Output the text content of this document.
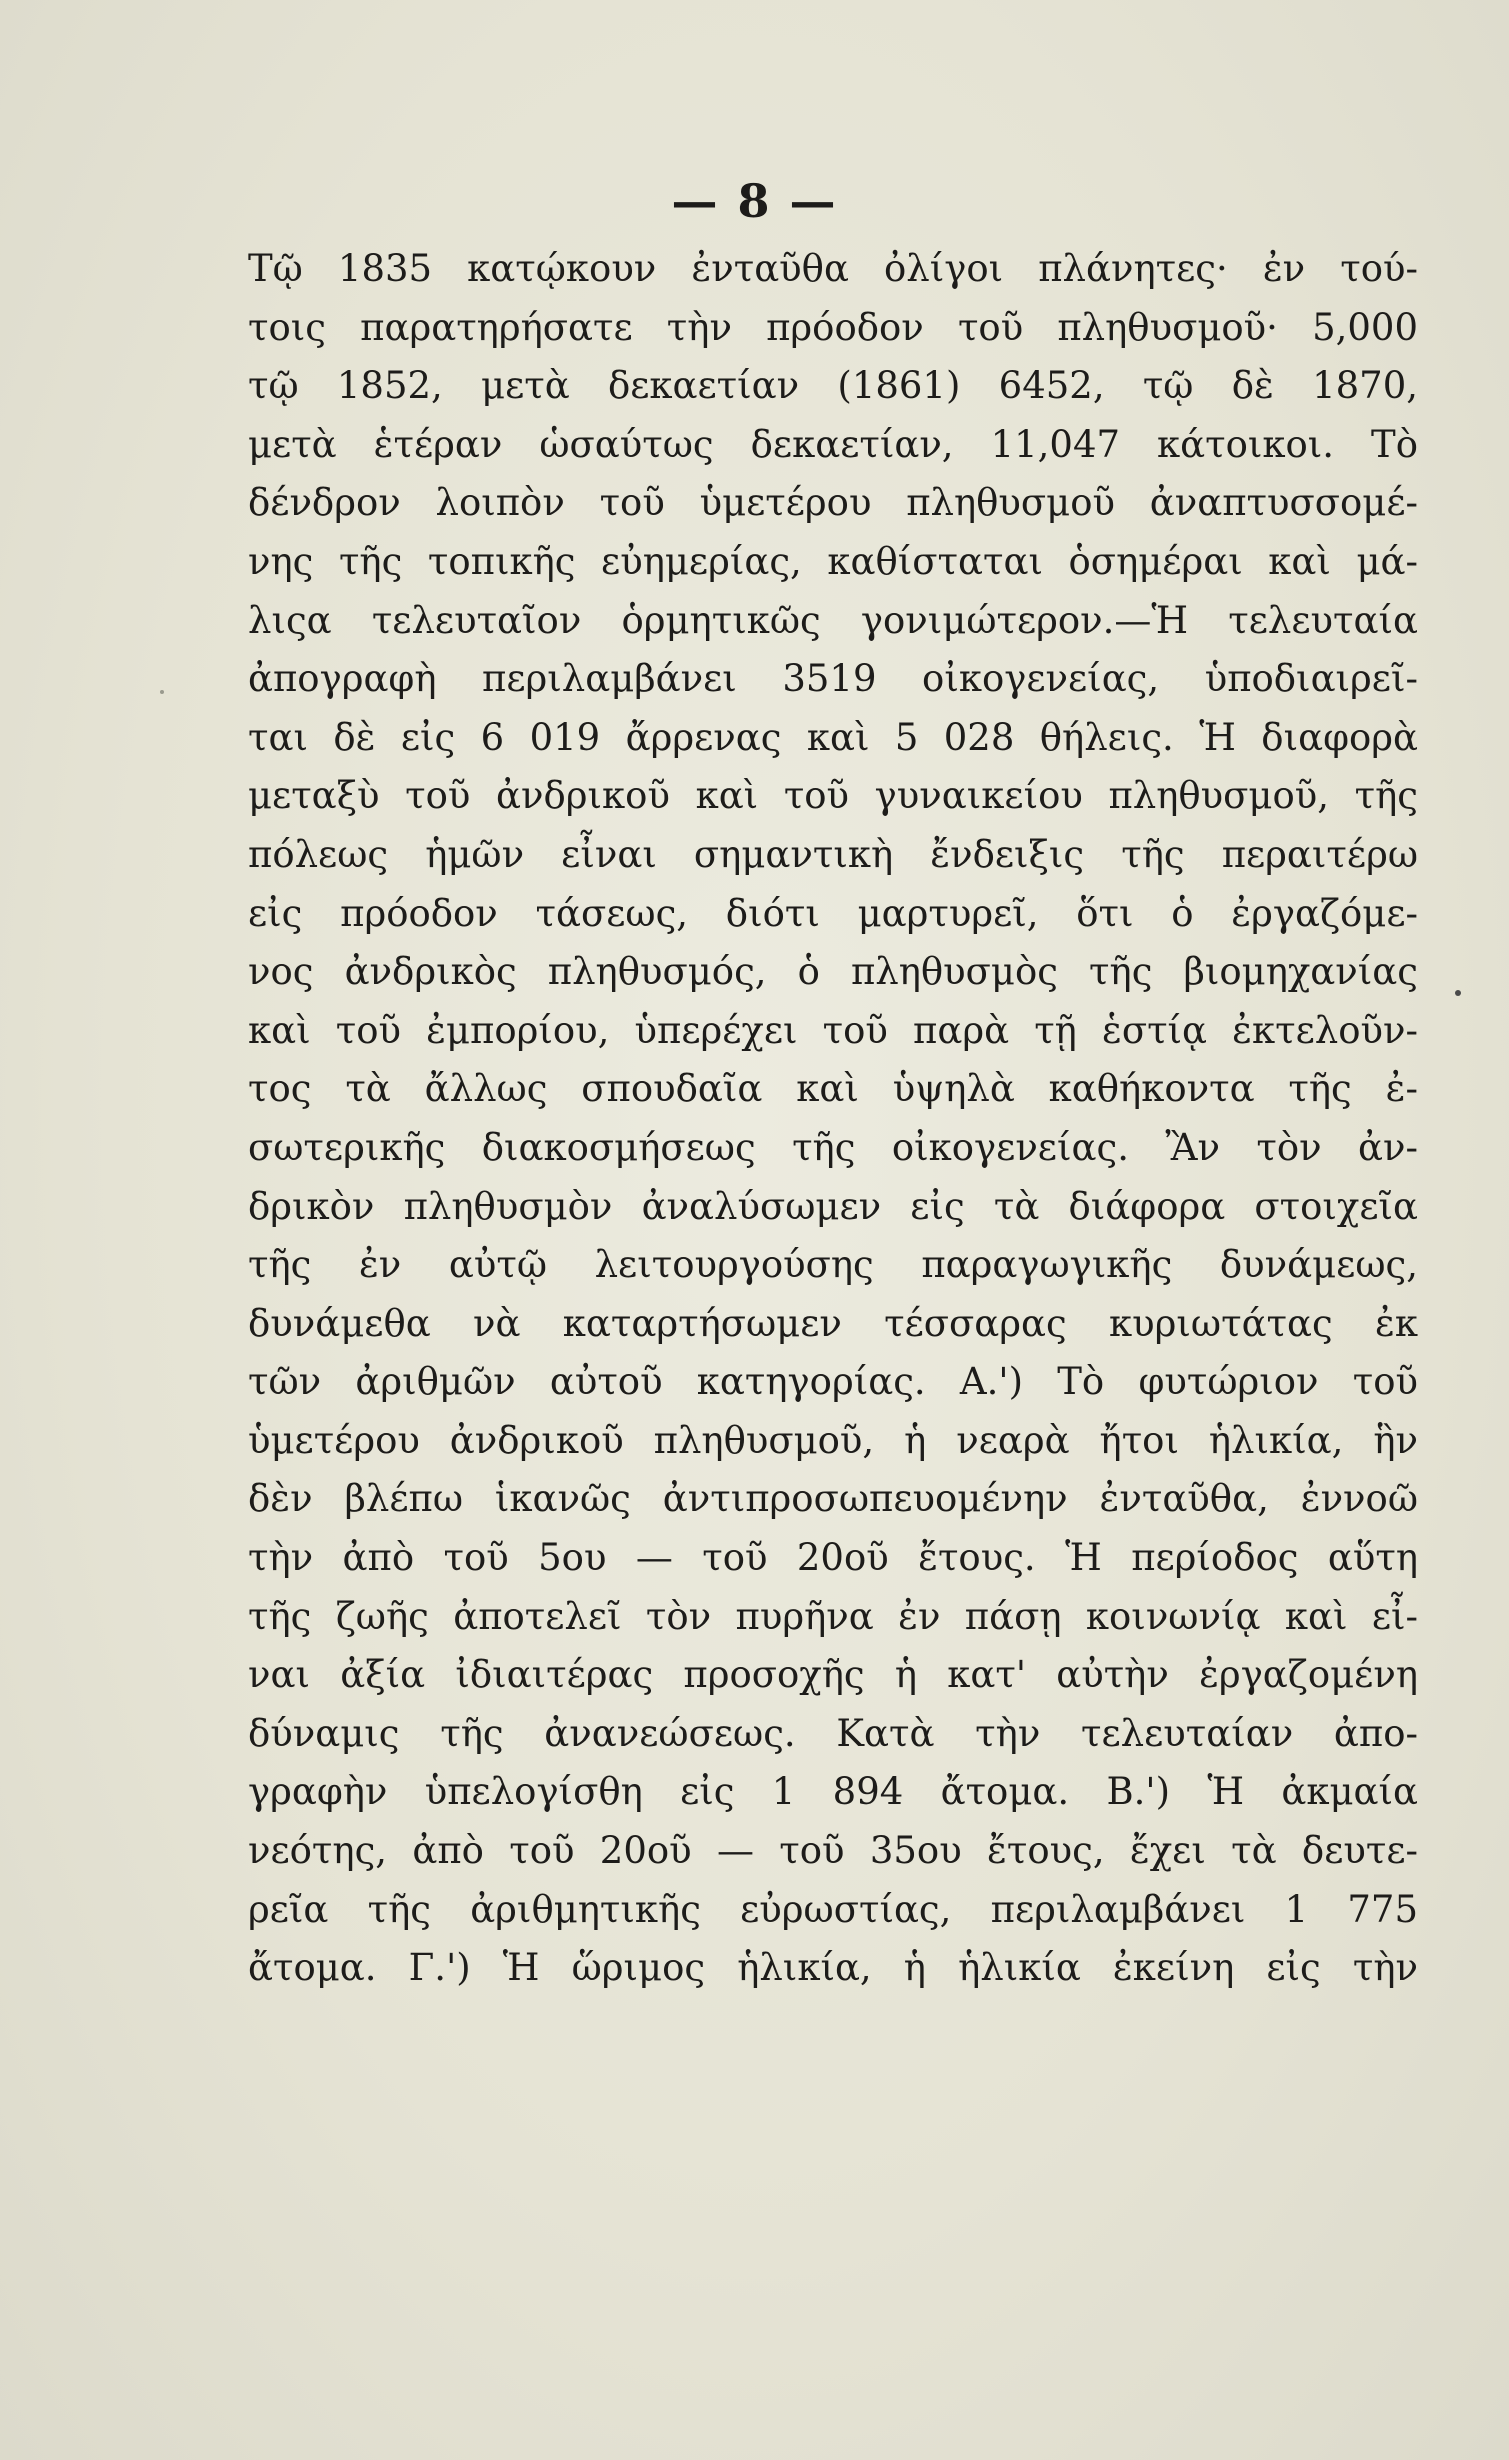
— 8 —
Τῷ 1835 κατῴκουν ἐνταῦθα ὀλίγοι πλάνητες· ἐν τού-
τοις παρατηρήσατε τὴν πρόοδον τοῦ πληθυσμοῦ· 5,000
τῷ 1852, μετὰ δεκαετίαν (1861) 6452, τῷ δὲ 1870,
μετὰ ἑτέραν ὡσαύτως δεκαετίαν, 11,047 κάτοικοι. Τὸ
δένδρον λοιπὸν τοῦ ὑμετέρου πληθυσμοῦ ἀναπτυσσομέ-
νης τῆς τοπικῆς εὐημερίας, καθίσταται ὁσημέραι καὶ μά-
λιςα τελευταῖον ὁρμητικῶς γονιμώτερον.—Ἡ τελευταία
ἀπογραφὴ περιλαμβάνει 3519 οἰκογενείας, ὑποδιαιρεῖ-
ται δὲ εἰς 6 019 ἄρρενας καὶ 5 028 θήλεις. Ἡ διαφορὰ
μεταξὺ τοῦ ἀνδρικοῦ καὶ τοῦ γυναικείου πληθυσμοῦ, τῆς
πόλεως ἡμῶν εἶναι σημαντικὴ ἔνδειξις τῆς περαιτέρω
εἰς πρόοδον τάσεως, διότι μαρτυρεῖ, ὅτι ὁ ἐργαζόμε-
νος ἀνδρικὸς πληθυσμός, ὁ πληθυσμὸς τῆς βιομηχανίας
καὶ τοῦ ἐμπορίου, ὑπερέχει τοῦ παρὰ τῇ ἑστίᾳ ἐκτελοῦν-
τος τὰ ἄλλως σπουδαῖα καὶ ὑψηλὰ καθήκοντα τῆς ἐ-
σωτερικῆς διακοσμήσεως τῆς οἰκογενείας. Ἂν τὸν ἀν-
δρικὸν πληθυσμὸν ἀναλύσωμεν εἰς τὰ διάφορα στοιχεῖα
τῆς ἐν αὐτῷ λειτουργούσης παραγωγικῆς δυνάμεως,
δυνάμεθα νὰ καταρτήσωμεν τέσσαρας κυριωτάτας ἐκ
τῶν ἀριθμῶν αὐτοῦ κατηγορίας. Α.') Τὸ φυτώριον τοῦ
ὑμετέρου ἀνδρικοῦ πληθυσμοῦ, ἡ νεαρὰ ἤτοι ἡλικία, ἣν
δὲν βλέπω ἱκανῶς ἀντιπροσωπευομένην ἐνταῦθα, ἐννοῶ
τὴν ἀπὸ τοῦ 5ου — τοῦ 20οῦ ἔτους. Ἡ περίοδος αὕτη
τῆς ζωῆς ἀποτελεῖ τὸν πυρῆνα ἐν πάσῃ κοινωνίᾳ καὶ εἶ-
ναι ἀξία ἰδιαιτέρας προσοχῆς ἡ κατ' αὐτὴν ἐργαζομένη
δύναμις τῆς ἀνανεώσεως. Κατὰ τὴν τελευταίαν ἀπο-
γραφὴν ὑπελογίσθη εἰς 1 894 ἄτομα. Β.') Ἡ ἀκμαία
νεότης, ἀπὸ τοῦ 20οῦ — τοῦ 35ου ἔτους, ἔχει τὰ δευτε-
ρεῖα τῆς ἀριθμητικῆς εὐρωστίας, περιλαμβάνει 1 775
ἄτομα. Γ.') Ἡ ὥριμος ἡλικία, ἡ ἡλικία ἐκείνη εἰς τὴν
